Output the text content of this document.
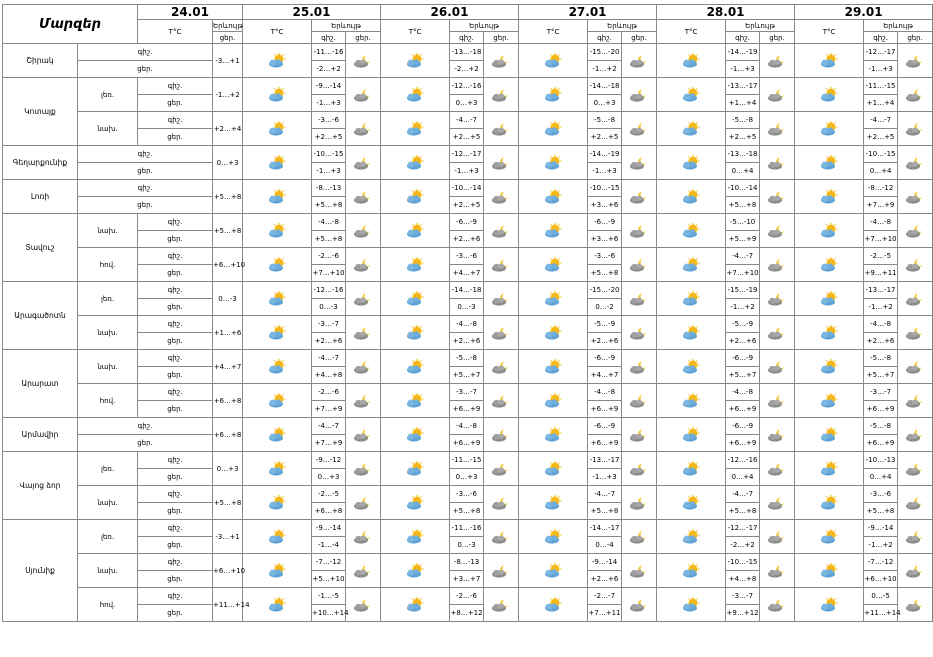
Մարզեր		24.01		25.01			26.01			27.01			28.01			29.01			
		T°C	Երևույթ	T°C	Երևույթ		T°C	Երևույթ		T°C	Երևույթ		T°C	Երևույթ		T°C	Երևույթ		
			ցեր.		գիշ.	ցեր.		գիշ.	ցեր.		գիշ.	ցեր.		գիշ.	ցեր.		գիշ.	ցեր.	
Շիրակ	գիշ.		-3…+1		-11…-16			-13…-18			-15…-20			-14…-19			-12…-17		
	ցեր.				-2…+2			-2…+2			-1…+2			-1…+3			-1…+3		
Կոտայք	լեռ.	գիշ.	-1…+2		-9…-14			-12…-16			-14…-18			-13…-17			-11…-15		
		ցեր.			-1…+3			0…+3			0…+3			+1…+4			+1…+4		
	նախ.	գիշ.	+2…+4		-3…-6			-4…-7			-5…-8			-5…-8			-4…-7		
		ցեր.			+2…+5			+2…+5			+2…+5			+2…+5			+2…+5		
Գեղարքունիք	գիշ.		0…+3		-10…-15			-12…-17			-14…-19			-13…-18			-10…-15		
	ցեր.				-1…+3			-1…+3			-1…+3			0…+4			0…+4		
Լոռի	գիշ.		+5…+8		-8…-13			-10…-14			-10…-15			-10…-14			-8…-12		
	ցեր.				+5…+8			+2…+5			+3…+6			+5…+8			+7…+9		
Տավուշ	նախ.	գիշ.	+5…+8		-4…-8			-6…-9			-6…-9			-5…-10			-4…-8		
		ցեր.			+5…+8			+2…+6			+3…+6			+5…+9			+7…+10		
	հով.	գիշ.	+6…+10		-2…-6			-3…-6			-3…-6			-4…-7			-2…-5		
		ցեր.			+7…+10			+4…+7			+5…+8			+7…+10			+9…+11		
Արագածոտն	լեռ.	գիշ.	0…-3		-12…-16			-14…-18			-15…-20			-15…-19			-13…-17		
		ցեր.			0…-3			0…-3			0…-2			-1…+2			-1…+2		
	նախ.	գիշ.	+1…+6		-3…-7			-4…-8			-5…-9			-5…-9			-4…-8		
		ցեր.			+2…+6			+2…+6			+2…+6			+2…+6			+2…+6		
Արարատ	նախ.	գիշ.	+4…+7		-4…-7			-5…-8			-6…-9			-6…-9			-5…-8		
		ցեր.			+4…+8			+5…+7			+4…+7			+5…+7			+5…+7		
	հով.	գիշ.	+6…+8		-2…-6			-3…-7			-4…-8			-4…-8			-3…-7		
		ցեր.			+7…+9			+6…+9			+6…+9			+6…+9			+6…+9		
Արմավիր	գիշ.		+6…+8		-4…-7			-4…-8			-6…-9			-6…-9			-5…-8		
	ցեր.				+7…+9			+6…+9			+6…+9			+6…+9			+6…+9		
Վայոց ձոր	լեռ.	գիշ.	0…+3		-9…-12			-11…-15			-13…-17			-12…-16			-10…-13		
		ցեր.			0…+3			0…+3			-1…+3			0…+4			0…+4		
	նախ.	գիշ.	+5…+8		-2…-5			-3…-6			-4…-7			-4…-7			-3…-6		
		ցեր.			+6…+8			+5…+8			+5…+8			+5…+8			+5…+8		
Սյունիք	լեռ.	գիշ.	-3…+1		-9…-14			-11…-16			-14…-17			-12…-17			-9…-14		
		ցեր.			-1…-4			0…-3			0…-4			-2…+2			-1…+2		
	նախ.	գիշ.	+6…+10		-7…-12			-8…-13			-9…-14			-10…-15			-7…-12		
		ցեր.			+5…+10			+3…+7			+2…+6			+4…+8			+6…+10		
	հով.	գիշ.	+11…+14		-1…-5			-2…-6			-2…-7			-3…-7			0…-5		
		ցեր.			+10…+14			+8…+12			+7…+11			+9…+12			+11…+14		
